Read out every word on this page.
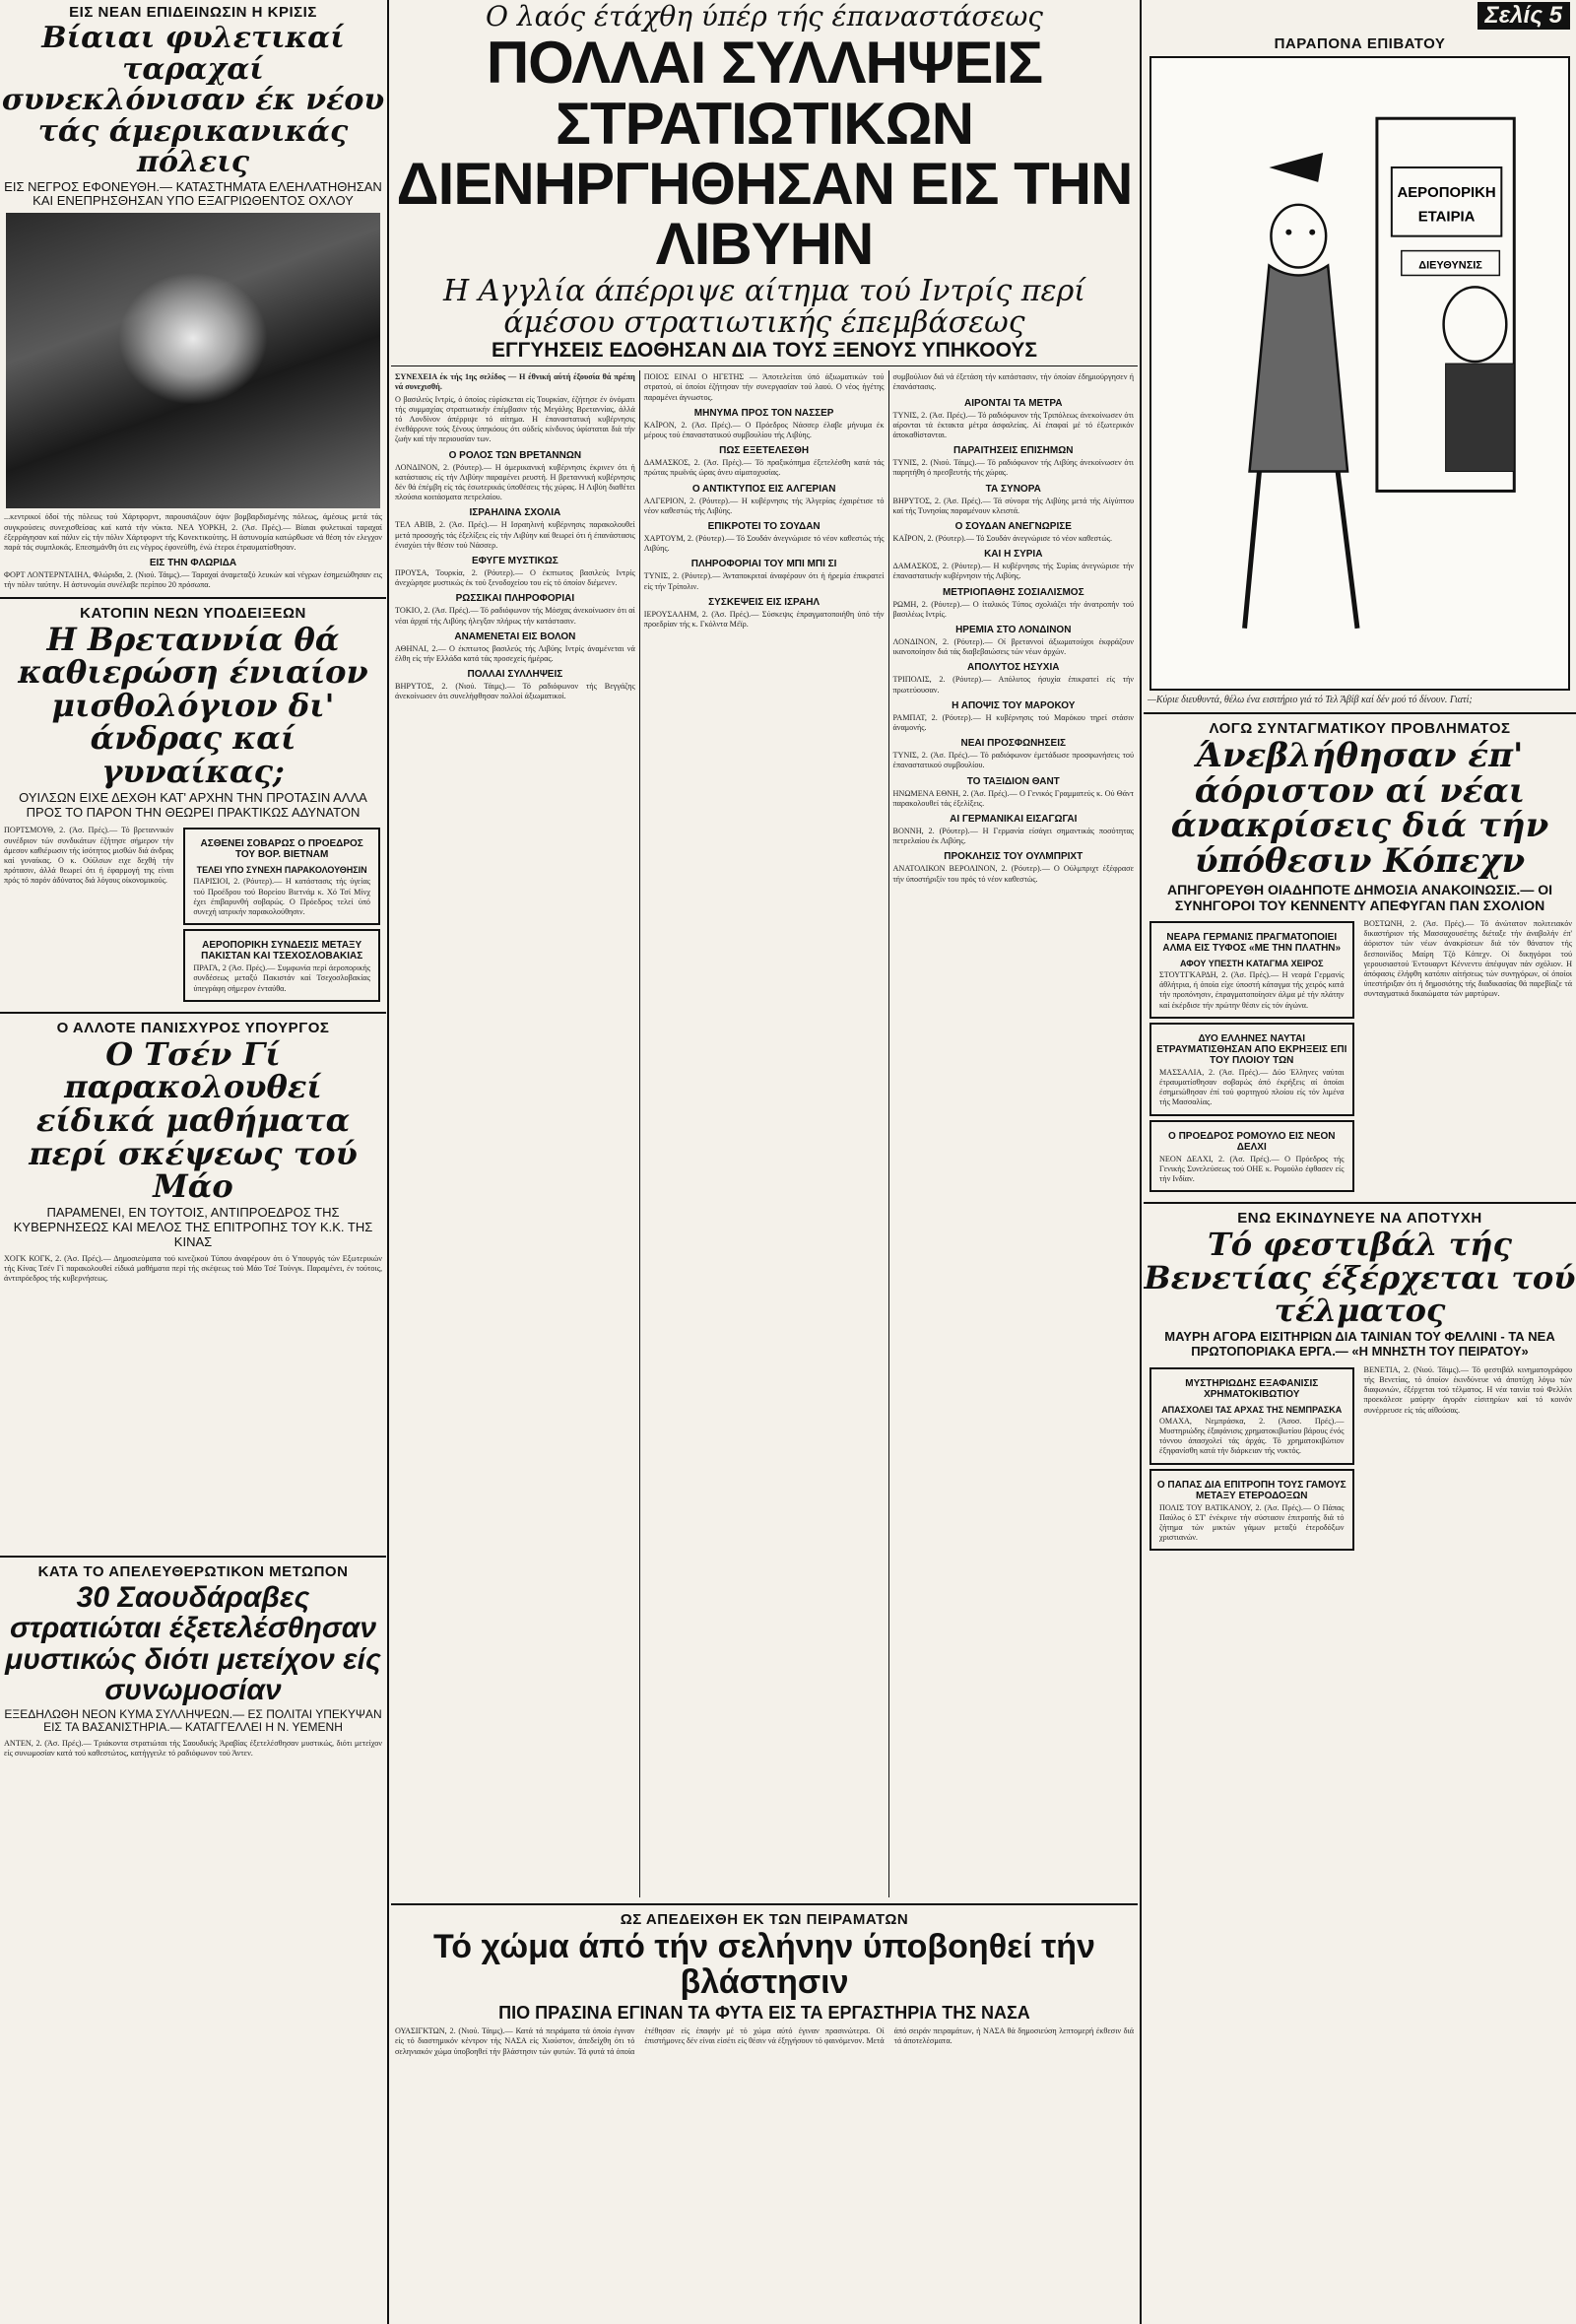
ΕΙΣ ΝΕΑΝ ΕΠΙΔΕΙΝΩΣΙΝ Η ΚΡΙΣΙΣ
Βίαιαι φυλετικαί ταραχαί συνεκλόνισαν έκ νέου τάς άμερικανικάς πόλεις
ΕΙΣ ΝΕΓΡΟΣ ΕΦΟΝΕΥΘΗ.— ΚΑΤΑΣΤΗΜΑΤΑ ΕΛΕΗΛΑΤΗΘΗΣΑΝ ΚΑΙ ΕΝΕΠΡΗΣΘΗΣΑΝ ΥΠΟ ΕΞΑΓΡΙΩΘΕΝΤΟΣ ΟΧΛΟΥ
...κεντρικοί όδοί τής πόλεως τού Χάρτφορντ, παρουσιάζουν όψιν βομβαρδισμένης πόλεως, άμέσως μετά τάς συγκρούσεις συνεχισθείσας καί κατά τήν νύκτα. ΝΕΑ ΥΟΡΚΗ, 2. (Άσ. Πρές).— Βίαιαι φυλετικαί ταραχαί έξερράγησαν καί πάλιν είς τήν πόλιν Χάρτφορντ τής Κονεκτικούτης. Η άστυνομία κατώρθωσε νά θέση τόν ελεγχον παρά τάς συμπλοκάς. Επεσημάνθη ότι εις νέγρος έφονεύθη, ένώ έτεροι έτραυματίσθησαν.
ΕΙΣ ΤΗΝ ΦΛΩΡΙΔΑ
ΦΟΡΤ ΛΟΝΤΕΡΝΤΑΙΗΛ, Φλώριδα, 2. (Νιού. Τάιμς).— Ταραχαί άναμεταξύ λευκών καί νέγρων έσημειώθησαν εις τήν πόλιν ταύτην. Η άστυνομία συνέλαβε περίπου 20 πρόσωπα.
ΚΑΤΟΠΙΝ ΝΕΩΝ ΥΠΟΔΕΙΞΕΩΝ
Η Βρεταννία θά καθιερώση ένιαίον μισθολόγιον δι' άνδρας καί γυναίκας;
ΟΥΙΛΣΩΝ ΕΙΧΕ ΔΕΧΘΗ ΚΑΤ' ΑΡΧΗΝ ΤΗΝ ΠΡΟΤΑΣΙΝ ΑΛΛΑ ΠΡΟΣ ΤΟ ΠΑΡΟΝ ΤΗΝ ΘΕΩΡΕΙ ΠΡΑΚΤΙΚΩΣ ΑΔΥΝΑΤΟΝ
ΠΟΡΤΣΜΟΥΘ, 2. (Άσ. Πρές).— Τό βρεταννικόν συνέδριον τών συνδικάτων έζήτησε σήμερον τήν άμεσον καθιέρωσιν τής ίσότητος μισθών διά άνδρας καί γυναίκας. Ο κ. Ούίλσων ειχε δεχθή τήν πρότασιν, άλλά θεωρεί ότι ή έφαρμογή της είναι πρός τό παρόν άδύνατος διά λόγους οίκονομικούς.
ΑΣΘΕΝΕΙ ΣΟΒΑΡΩΣ Ο ΠΡΟΕΔΡΟΣ ΤΟΥ ΒΟΡ. ΒΙΕΤΝΑΜ
ΤΕΛΕΙ ΥΠΟ ΣΥΝΕΧΗ ΠΑΡΑΚΟΛΟΥΘΗΣΙΝ
ΠΑΡΙΣΙΟΙ, 2. (Ρόυτερ).— Η κατάστασις τής ύγείας τού Προέδρου τού Βορείου Βιετνάμ κ. Χό Τσί Μίνχ έχει έπιβαρυνθή σοβαρώς. Ο Πρόεδρος τελεί ύπό συνεχή ιατρικήν παρακολούθησιν.
ΑΕΡΟΠΟΡΙΚΗ ΣΥΝΔΕΣΙΣ ΜΕΤΑΞΥ ΠΑΚΙΣΤΑΝ ΚΑΙ ΤΣΕΧΟΣΛΟΒΑΚΙΑΣ
ΠΡΑΓΑ, 2 (Άσ. Πρές).— Συμφωνία περί άεροπορικής συνδέσεως μεταξύ Πακιστάν καί Τσεχοσλοβακίας ύπεγράφη σήμερον ένταύθα.
Ο ΑΛΛΟΤΕ ΠΑΝΙΣΧΥΡΟΣ ΥΠΟΥΡΓΟΣ
Ο Τσέν Γί παρακολουθεί είδικά μαθήματα περί σκέψεως τού Μάο
ΠΑΡΑΜΕΝΕΙ, ΕΝ ΤΟΥΤΟΙΣ, ΑΝΤΙΠΡΟΕΔΡΟΣ ΤΗΣ ΚΥΒΕΡΝΗΣΕΩΣ ΚΑΙ ΜΕΛΟΣ ΤΗΣ ΕΠΙΤΡΟΠΗΣ ΤΟΥ Κ.Κ. ΤΗΣ ΚΙΝΑΣ
ΧΟΓΚ ΚΟΓΚ, 2. (Άσ. Πρές).— Δημοσιεύματα τού κινεζικού Τύπου άναφέρουν ότι ό Υπουργός τών Εξωτερικών τής Κίνας Τσέν Γί παρακολουθεί είδικά μαθήματα περί τής σκέψεως τού Μάο Τσέ Τούνγκ. Παραμένει, έν τούτοις, άντιπρόεδρος τής κυβερνήσεως.
ΚΑΤΑ ΤΟ ΑΠΕΛΕΥΘΕΡΩΤΙΚΟΝ ΜΕΤΩΠΟΝ
30 Σαουδάραβες στρατιώται έξετελέσθησαν μυστικώς διότι μετείχον είς συνωμοσίαν
ΕΞΕΔΗΛΩΘΗ ΝΕΟΝ ΚΥΜΑ ΣΥΛΛΗΨΕΩΝ.— ΕΣ ΠΟΛΙΤΑΙ ΥΠΕΚΥΨΑΝ ΕΙΣ ΤΑ ΒΑΣΑΝΙΣΤΗΡΙΑ.— ΚΑΤΑΓΓΕΛΛΕΙ Η Ν. ΥΕΜΕΝΗ
ΑΝΤΕΝ, 2. (Άσ. Πρές).— Τριάκοντα στρατιώται τής Σαουδικής Άραβίας έξετελέσθησαν μυστικώς, διότι μετείχον είς συνωμοσίαν κατά τού καθεστώτος, κατήγγειλε τό ραδιόφωνον τού Άντεν.
Ο λαός έτάχθη ύπέρ τής έπαναστάσεως
ΠΟΛΛΑΙ ΣΥΛΛΗΨΕΙΣ ΣΤΡΑΤΙΩΤΙΚΩΝ ΔΙΕΝΗΡΓΗΘΗΣΑΝ ΕΙΣ ΤΗΝ ΛΙΒΥΗΝ
Η Αγγλία άπέρριψε αίτημα τού Ιντρίς περί άμέσου στρατιωτικής έπεμβάσεως
ΕΓΓΥΗΣΕΙΣ ΕΔΟΘΗΣΑΝ ΔΙΑ ΤΟΥΣ ΞΕΝΟΥΣ ΥΠΗΚΟΟΥΣ
ΣΥΝΕΧΕΙΑ έκ τής 1ης σελίδος — Η έθνική αύτή έξουσία θά πρέπη νά συνεχισθή.
Ο βασιλεύς Ιντρίς, ό όποίος εύρίσκεται είς Τουρκίαν, έζήτησε έν όνόματι τής συμμαχίας στρατιωτικήν έπέμβασιν τής Μεγάλης Βρεταννίας, άλλά τό Λονδίνον άπέρριψε τό αίτημα. Η έπαναστατική κυβέρνησις ένεθάρρυνε τούς ξένους ύπηκόους ότι ούδείς κίνδυνος ύφίσταται διά τήν ζωήν καί τήν περιουσίαν των.
Ο ΡΟΛΟΣ ΤΩΝ ΒΡΕΤΑΝΝΩΝ
ΛΟΝΔΙΝΟΝ, 2. (Ρόυτερ).— Η άμερικανική κυβέρνησις έκρινεν ότι ή κατάστασις είς τήν Λιβύην παραμένει ρευστή. Η βρεταννική κυβέρνησις δέν θά έπέμβη είς τάς έσωτερικάς ύποθέσεις τής χώρας. Η Λιβύη διαθέτει πλούσια κοιτάσματα πετρελαίου.
ΙΣΡΑΗΛΙΝΑ ΣΧΟΛΙΑ
ΤΕΛ ΑΒΙΒ, 2. (Άσ. Πρές).— Η Ισραηλινή κυβέρνησις παρακολουθεί μετά προσοχής τάς έξελίξεις είς τήν Λιβύην καί θεωρεί ότι ή έπανάστασις ένισχύει τήν θέσιν τού Νάσσερ.
ΕΦΥΓΕ ΜΥΣΤΙΚΩΣ
ΠΡΟΥΣΑ, Τουρκία, 2. (Ρόυτερ).— Ο έκπτωτος βασιλεύς Ιντρίς άνεχώρησε μυστικώς έκ τού ξενοδοχείου του είς τό όποίον διέμενεν.
ΡΩΣΣΙΚΑΙ ΠΛΗΡΟΦΟΡΙΑΙ
ΤΟΚΙΟ, 2. (Άσ. Πρές).— Τό ραδιόφωνον τής Μόσχας άνεκοίνωσεν ότι αί νέαι άρχαί τής Λιβύης ήλεγξαν πλήρως τήν κατάστασιν.
ΑΝΑΜΕΝΕΤΑΙ ΕΙΣ ΒΟΛΟΝ
ΑΘΗΝΑΙ, 2.— Ο έκπτωτος βασιλεύς τής Λιβύης Ιντρίς άναμένεται νά έλθη είς τήν Ελλάδα κατά τάς προσεχείς ήμέρας.
ΠΟΛΛΑΙ ΣΥΛΛΗΨΕΙΣ
ΒΗΡΥΤΟΣ, 2. (Νιού. Τάιμς).— Τό ραδιόφωνον τής Βεγγάζης άνεκοίνωσεν ότι συνελήφθησαν πολλοί άξιωματικοί.
ΠΟΙΟΣ ΕΙΝΑΙ Ο ΗΓΕΤΗΣ — Άποτελείται ύπό άξιωματικών τού στρατού, οί όποίοι έζήτησαν τήν συνεργασίαν τού λαού. Ο νέος ήγέτης παραμένει άγνωστος.
ΜΗΝΥΜΑ ΠΡΟΣ ΤΟΝ ΝΑΣΣΕΡ
ΚΑΪΡΟΝ, 2. (Άσ. Πρές).— Ο Πρόεδρος Νάσσερ έλαβε μήνυμα έκ μέρους τού έπαναστατικού συμβουλίου τής Λιβύης.
ΠΩΣ ΕΞΕΤΕΛΕΣΘΗ
ΔΑΜΑΣΚΟΣ, 2. (Άσ. Πρές).— Τό πραξικόπημα έξετελέσθη κατά τάς πρώτας πρωϊνάς ώρας άνευ αίματοχυσίας.
Ο ΑΝΤΙΚΤΥΠΟΣ ΕΙΣ ΑΛΓΕΡΙΑΝ
ΑΛΓΕΡΙΟΝ, 2. (Ρόυτερ).— Η κυβέρνησις τής Άλγερίας έχαιρέτισε τό νέον καθεστώς τής Λιβύης.
ΕΠΙΚΡΟΤΕΙ ΤΟ ΣΟΥΔΑΝ
ΧΑΡΤΟΥΜ, 2. (Ρόυτερ).— Τό Σουδάν άνεγνώρισε τό νέον καθεστώς τής Λιβύης.
ΠΛΗΡΟΦΟΡΙΑΙ ΤΟΥ ΜΠΙ ΜΠΙ ΣΙ
ΤΥΝΙΣ, 2. (Ρόυτερ).— Άνταποκριταί άναφέρουν ότι ή ήρεμία έπικρατεί είς τήν Τρίπολιν.
ΣΥΣΚΕΨΕΙΣ ΕΙΣ ΙΣΡΑΗΛ
ΙΕΡΟΥΣΑΛΗΜ, 2. (Άσ. Πρές).— Σύσκεψις έπραγματοποιήθη ύπό τήν προεδρίαν τής κ. Γκόλντα Μέϊρ.
συμβούλιον διά νά έξετάση τήν κατάστασιν, τήν όποίαν έδημιούργησεν ή έπανάστασις.
ΑΙΡΟΝΤΑΙ ΤΑ ΜΕΤΡΑ
ΤΥΝΙΣ, 2. (Άσ. Πρές).— Τό ραδιόφωνον τής Τριπόλεως άνεκοίνωσεν ότι αίρονται τά έκτακτα μέτρα άσφαλείας. Αί έπαφαί μέ τό έξωτερικόν άποκαθίστανται.
ΠΑΡΑΙΤΗΣΕΙΣ ΕΠΙΣΗΜΩΝ
ΤΥΝΙΣ, 2. (Νιού. Τάιμς).— Τό ραδιόφωνον τής Λιβύης άνεκοίνωσεν ότι παρητήθη ό πρεσβευτής τής χώρας.
ΤΑ ΣΥΝΟΡΑ
ΒΗΡΥΤΟΣ, 2. (Άσ. Πρές).— Τά σύνορα τής Λιβύης μετά τής Αίγύπτου καί τής Τυνησίας παραμένουν κλειστά.
Ο ΣΟΥΔΑΝ ΑΝΕΓΝΩΡΙΣΕ
ΚΑΪΡΟΝ, 2. (Ρόυτερ).— Τό Σουδάν άνεγνώρισε τό νέον καθεστώς.
ΚΑΙ Η ΣΥΡΙΑ
ΔΑΜΑΣΚΟΣ, 2. (Ρόυτερ).— Η κυβέρνησις τής Συρίας άνεγνώρισε τήν έπαναστατικήν κυβέρνησιν τής Λιβύης.
ΜΕΤΡΙΟΠΑΘΗΣ ΣΟΣΙΑΛΙΣΜΟΣ
ΡΩΜΗ, 2. (Ρόυτερ).— Ο ίταλικός Τύπος σχολιάζει τήν άνατροπήν τού βασιλέως Ιντρίς.
ΗΡΕΜΙΑ ΣΤΟ ΛΟΝΔΙΝΟΝ
ΛΟΝΔΙΝΟΝ, 2. (Ρόυτερ).— Οί βρεταννοί άξιωματούχοι έκφράζουν ικανοποίησιν διά τάς διαβεβαιώσεις τών νέων άρχών.
ΑΠΟΛΥΤΟΣ ΗΣΥΧΙΑ
ΤΡΙΠΟΛΙΣ, 2. (Ρόυτερ).— Απόλυτος ήσυχία έπικρατεί είς τήν πρωτεύουσαν.
Η ΑΠΟΨΙΣ ΤΟΥ ΜΑΡΟΚΟΥ
ΡΑΜΠΑΤ, 2. (Ρόυτερ).— Η κυβέρνησις τού Μαρόκου τηρεί στάσιν άναμονής.
ΝΕΑΙ ΠΡΟΣΦΩΝΗΣΕΙΣ
ΤΥΝΙΣ, 2. (Άσ. Πρές).— Τό ραδιόφωνον έμετάδωσε προσφωνήσεις τού έπαναστατικού συμβουλίου.
ΤΟ ΤΑΞΙΔΙΟΝ ΘΑΝΤ
ΗΝΩΜΕΝΑ ΕΘΝΗ, 2. (Άσ. Πρές).— Ο Γενικός Γραμματεύς κ. Ού Θάντ παρακολουθεί τάς έξελίξεις.
ΑΙ ΓΕΡΜΑΝΙΚΑΙ ΕΙΣΑΓΩΓΑΙ
ΒΟΝΝΗ, 2. (Ρόυτερ).— Η Γερμανία είσάγει σημαντικάς ποσότητας πετρελαίου έκ Λιβύης.
ΠΡΟΚΛΗΣΙΣ ΤΟΥ ΟΥΛΜΠΡΙΧΤ
ΑΝΑΤΟΛΙΚΟΝ ΒΕΡΟΛΙΝΟΝ, 2. (Ρόυτερ).— Ο Ούλμπριχτ έξέφρασε τήν ύποστήριξίν του πρός τό νέον καθεστώς.
ΩΣ ΑΠΕΔΕΙΧΘΗ ΕΚ ΤΩΝ ΠΕΙΡΑΜΑΤΩΝ
Τό χώμα άπό τήν σελήνην ύποβοηθεί τήν βλάστησιν
ΠΙΟ ΠΡΑΣΙΝΑ ΕΓΙΝΑΝ ΤΑ ΦΥΤΑ ΕΙΣ ΤΑ ΕΡΓΑΣΤΗΡΙΑ ΤΗΣ ΝΑΣΑ
ΟΥΑΣΙΓΚΤΩΝ, 2. (Νιού. Τάιμς).— Κατά τά πειράματα τά όποία έγιναν είς τό διαστημικόν κέντρον τής ΝΑΣΑ είς Χιούστον, άπεδείχθη ότι τό σεληνιακόν χώμα ύποβοηθεί τήν βλάστησιν τών φυτών. Τά φυτά τά όποία έτέθησαν είς έπαφήν μέ τό χώμα αύτό έγιναν πρασινώτερα. Οί έπιστήμονες δέν είναι είσέτι είς θέσιν νά έξηγήσουν τό φαινόμενον. Μετά άπό σειράν πειραμάτων, ή ΝΑΣΑ θά δημοσιεύση λεπτομερή έκθεσιν διά τά άποτελέσματα.
Σελίς 5
ΠΑΡΑΠΟΝΑ ΕΠΙΒΑΤΟΥ
ΑΕΡΟΠΟΡΙΚΗ
ΕΤΑΙΡΙΑ
ΔΙΕΥΘΥΝΣΙΣ
—Κύριε διευθυντά, θέλω ένα εισιτήριο γιά τό Τελ Άβίβ καί δέν μού τό δίνουν. Γιατί;
ΛΟΓΩ ΣΥΝΤΑΓΜΑΤΙΚΟΥ ΠΡΟΒΛΗΜΑΤΟΣ
Άνεβλήθησαν έπ' άόριστον αί νέαι άνακρίσεις διά τήν ύπόθεσιν Κόπεχν
ΑΠΗΓΟΡΕΥΘΗ ΟΙΑΔΗΠΟΤΕ ΔΗΜΟΣΙΑ ΑΝΑΚΟΙΝΩΣΙΣ.— ΟΙ ΣΥΝΗΓΟΡΟΙ ΤΟΥ ΚΕΝΝΕΝΤΥ ΑΠΕΦΥΓΑΝ ΠΑΝ ΣΧΟΛΙΟΝ
ΝΕΑΡΑ ΓΕΡΜΑΝΙΣ ΠΡΑΓΜΑΤΟΠΟΙΕΙ ΑΛΜΑ ΕΙΣ ΤΥΦΟΣ «ΜΕ ΤΗΝ ΠΛΑΤΗΝ»
ΑΦΟΥ ΥΠΕΣΤΗ ΚΑΤΑΓΜΑ ΧΕΙΡΟΣ
ΣΤΟΥΤΓΚΑΡΔΗ, 2. (Άσ. Πρές).— Η νεαρά Γερμανίς άθλήτρια, ή όποία είχε ύποστή κάταγμα τής χειρός κατά τήν προπόνησιν, έπραγματοποίησεν άλμα μέ τήν πλάτην καί έκέρδισε τήν πρώτην θέσιν είς τόν άγώνα.
ΔΥΟ ΕΛΛΗΝΕΣ ΝΑΥΤΑΙ ΕΤΡΑΥΜΑΤΙΣΘΗΣΑΝ ΑΠΟ ΕΚΡΗΞΕΙΣ ΕΠΙ ΤΟΥ ΠΛΟΙΟΥ ΤΩΝ
ΜΑΣΣΑΛΙΑ, 2. (Άσ. Πρές).— Δύο Έλληνες ναύται έτραυματίσθησαν σοβαρώς άπό έκρήξεις αί όποίαι έσημειώθησαν έπί τού φορτηγού πλοίου είς τόν λιμένα τής Μασσαλίας.
Ο ΠΡΟΕΔΡΟΣ ΡΟΜΟΥΛΟ ΕΙΣ ΝΕΟΝ ΔΕΛΧΙ
ΝΕΟΝ ΔΕΛΧΙ, 2. (Άσ. Πρές).— Ο Πρόεδρος τής Γενικής Συνελεύσεως τού ΟΗΕ κ. Ρομούλο έφθασεν είς τήν Ινδίαν.
ΒΟΣΤΩΝΗ, 2. (Άσ. Πρές).— Τό άνώτατον πολιτειακόν δικαστήριον τής Μασσαχουσέτης διέταξε τήν άναβολήν έπ' άόριστον τών νέων άνακρίσεων διά τόν θάνατον τής δεσποινίδος Μαίρη Τζό Κόπεχν. Οί δικηγόροι τού γερουσιαστού Έντουαρντ Κέννεντυ άπέφυγαν πάν σχόλιον. Η άπόφασις έλήφθη κατόπιν αίτήσεως τών συνηγόρων, οί όποίοι ύπεστήριξαν ότι ή δημοσιότης τής διαδικασίας θά παρεβίαζε τά συνταγματικά δικαιώματα τών μαρτύρων.
ΕΝΩ ΕΚΙΝΔΥΝΕΥΕ ΝΑ ΑΠΟΤΥΧΗ
Τό φεστιβάλ τής Βενετίας έξέρχεται τού τέλματος
ΜΑΥΡΗ ΑΓΟΡΑ ΕΙΣΙΤΗΡΙΩΝ ΔΙΑ ΤΑΙΝΙΑΝ ΤΟΥ ΦΕΛΛΙΝΙ - ΤΑ ΝΕΑ ΠΡΩΤΟΠΟΡΙΑΚΑ ΕΡΓΑ.— «Η ΜΝΗΣΤΗ ΤΟΥ ΠΕΙΡΑΤΟΥ»
ΜΥΣΤΗΡΙΩΔΗΣ ΕΞΑΦΑΝΙΣΙΣ ΧΡΗΜΑΤΟΚΙΒΩΤΙΟΥ
ΑΠΑΣΧΟΛΕΙ ΤΑΣ ΑΡΧΑΣ ΤΗΣ ΝΕΜΠΡΑΣΚΑ
ΟΜΑΧΑ, Νεμπράσκα, 2. (Άσοσ. Πρές).— Μυστηριώδης έξαφάνισις χρηματοκιβωτίου βάρους ένός τόννου άπασχολεί τάς άρχάς. Τό χρηματοκιβώτιον έξηφανίσθη κατά τήν διάρκειαν τής νυκτός.
Ο ΠΑΠΑΣ ΔΙΑ ΕΠΙΤΡΟΠΗ ΤΟΥΣ ΓΑΜΟΥΣ ΜΕΤΑΞΥ ΕΤΕΡΟΔΟΞΩΝ
ΠΟΛΙΣ ΤΟΥ ΒΑΤΙΚΑΝΟΥ, 2. (Άσ. Πρές).— Ο Πάπας Παύλος ό ΣΤ' ένέκρινε τήν σύστασιν έπιτροπής διά τό ζήτημα τών μικτών γάμων μεταξύ έτεροδόξων χριστιανών.
ΒΕΝΕΤΙΑ, 2. (Νιού. Τάιμς).— Τό φεστιβάλ κινηματογράφου τής Βενετίας, τό όποίον έκινδύνευε νά άποτύχη λόγω τών διαφωνιών, έξέρχεται τού τέλματος. Η νέα ταινία τού Φελλίνι προεκάλεσε μαύρην άγοράν είσιτηρίων καί τό κοινόν συνέρρευσε είς τάς αίθούσας.
